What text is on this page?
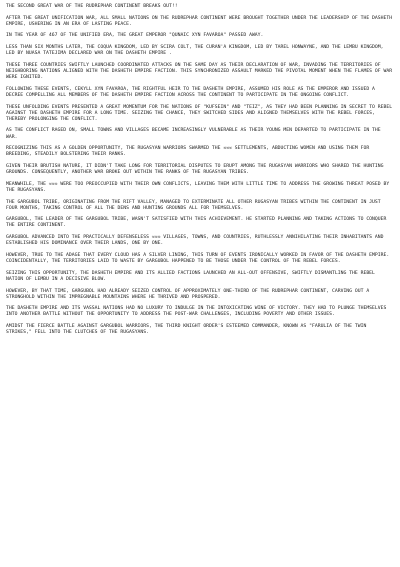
THE SECOND GREAT WAR OF THE RUDREPHAR CONTINENT BREAKS OUT!!

AFTER THE GREAT UNIFICATION WAR, ALL SMALL NATIONS ON THE RUDREPHAR CONTINENT WERE BROUGHT TOGETHER UNDER THE LEADERSHIP OF THE DASHETH EMPIRE, USHERING IN AN ERA OF LASTING PEACE.

IN THE YEAR OF 467 OF THE UNIFIED ERA, THE GREAT EMPEROR "QUNAIC XYN FAVAROA" PASSED AWAY.

LESS THAN SIX MONTHS LATER, THE COQUA KINGDOM, LED BY SCIRA COLT, THE CURAN'A KINGDOM, LED BY TAREL HONWAYNE, AND THE LEMBU KINGDOM, LED BY NUASA TATEJIMA DECLARED WAR ON THE DASHETH EMPIRE .

THESE THREE COUNTRIES SWIFTLY LAUNCHED COORDINATED ATTACKS ON THE SAME DAY AS THEIR DECLARATION OF WAR, INVADING THE TERRITORIES OF NEIGHBORING NATIONS ALIGNED WITH THE DASHETH EMPIRE FACTION. THIS SYNCHRONIZED ASSAULT MARKED THE PIVOTAL MOMENT WHEN THE FLAMES OF WAR WERE IGNITED.

FOLLOWING THESE EVENTS, CEKYLL XYN FAVAROA, THE RIGHTFUL HEIR TO THE DASHETH EMPIRE, ASSUMED HIS ROLE AS THE EMPEROR AND ISSUED A DECREE COMPELLING ALL MEMBERS OF THE DASHETH EMPIRE FACTION ACROSS THE CONTINENT TO PARTICIPATE IN THE ONGOING CONFLICT.

THESE UNFOLDING EVENTS PRESENTED A GREAT MOMENTUM FOR THE NATIONS OF "KUFSEIN" AND "TEIZ", AS THEY HAD BEEN PLANNING IN SECRET TO REBEL AGAINST THE DASHETH EMPIRE FOR A LONG TIME. SEIZING THE CHANCE, THEY SWITCHED SIDES AND ALIGNED THEMSELVES WITH THE REBEL FORCES, THEREBY PROLONGING THE CONFLICT.

AS THE CONFLICT RAGED ON, SMALL TOWNS AND VILLAGES BECAME INCREASINGLY VULNERABLE AS THEIR YOUNG MEN DEPARTED TO PARTICIPATE IN THE WAR.

RECOGNIZING THIS AS A GOLDEN OPPORTUNITY, THE RUGASYAN WARRIORS SWARMED THE ☠☠☠ SETTLEMENTS, ABDUCTING WOMEN AND USING THEM FOR BREEDING, STEADILY BOLSTERING THEIR RANKS.

GIVEN THEIR BRUTISH NATURE, IT DIDN'T TAKE LONG FOR TERRITORIAL DISPUTES TO ERUPT AMONG THE RUGASYAN WARRIORS WHO SHARED THE HUNTING GROUNDS. CONSEQUENTLY, ANOTHER WAR BROKE OUT WITHIN THE RANKS OF THE RUGASYAN TRIBES.

MEANWHILE, THE ☠☠☠ WERE TOO PREOCCUPIED WITH THEIR OWN CONFLICTS, LEAVING THEM WITH LITTLE TIME TO ADDRESS THE GROWING THREAT POSED BY THE RUGASYANS.

THE GARGUBOL TRIBE, ORIGINATING FROM THE RIFT VALLEY, MANAGED TO EXTERMINATE ALL OTHER RUGASYAN TRIBES WITHIN THE CONTINENT IN JUST FOUR MONTHS, TAKING CONTROL OF ALL THE DENS AND HUNTING GROUNDS ALL FOR THEMSELVES.

GARGUBOL, THE LEADER OF THE GARGUBOL TRIBE, WASN'T SATISFIED WITH THIS ACHIEVEMENT. HE STARTED PLANNING AND TAKING ACTIONS TO CONQUER THE ENTIRE CONTINENT.

GARGUBOL ADVANCED INTO THE PRACTICALLY DEFENSELESS ☠☠☠ VILLAGES, TOWNS, AND COUNTRIES, RUTHLESSLY ANNIHILATING THEIR INHABITANTS AND ESTABLISHED HIS DOMINANCE OVER THEIR LANDS, ONE BY ONE.

HOWEVER, TRUE TO THE ADAGE THAT EVERY CLOUD HAS A SILVER LINING, THIS TURN OF EVENTS IRONICALLY WORKED IN FAVOR OF THE DASHETH EMPIRE. COINCIDENTALLY, THE TERRITORIES LAID TO WASTE BY GARGUBOL HAPPENED TO BE THOSE UNDER THE CONTROL OF THE REBEL FORCES.

SEIZING THIS OPPORTUNITY, THE DASHETH EMPIRE AND ITS ALLIED FACTIONS LAUNCHED AN ALL-OUT OFFENSIVE, SWIFTLY DISMANTLING THE REBEL NATION OF LEMBU IN A DECISIVE BLOW.

HOWEVER, BY THAT TIME, GARGUBOL HAD ALREADY SEIZED CONTROL OF APPROXIMATELY ONE-THIRD OF THE RUDREPHAR CONTINENT, CARVING OUT A STRONGHOLD WITHIN THE IMPREGNABLE MOUNTAINS WHERE HE THRIVED AND PROSPERED.

THE DASHETH EMPIRE AND ITS VASSAL NATIONS HAD NO LUXURY TO INDULGE IN THE INTOXICATING WINE OF VICTORY. THEY HAD TO PLUNGE THEMSELVES INTO ANOTHER BATTLE WITHOUT THE OPPORTUNITY TO ADDRESS THE POST-WAR CHALLENGES, INCLUDING POVERTY AND OTHER ISSUES.

AMIDST THE FIERCE BATTLE AGAINST GARGUBOL WARRIORS, THE THIRD KNIGHT ORDER'S ESTEEMED COMMANDER, KNOWN AS "FARULIA OF THE TWIN STRIKES," FELL INTO THE CLUTCHES OF THE RUGASYANS.
